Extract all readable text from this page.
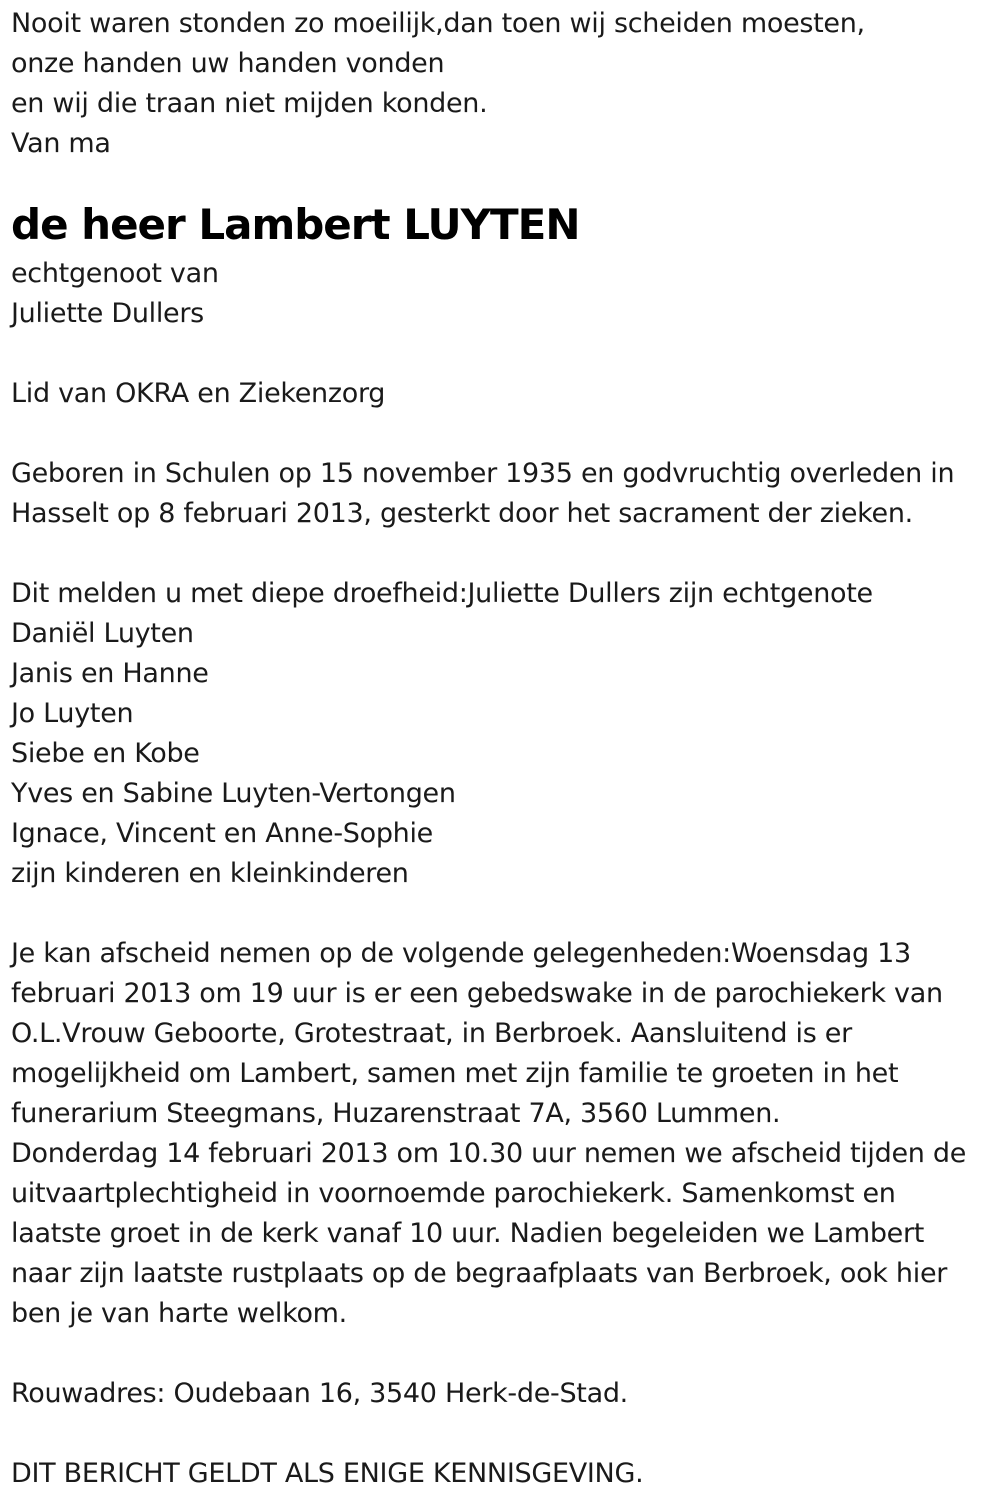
Nooit waren stonden zo moeilijk,dan toen wij scheiden moesten,
onze handen uw handen vonden
en wij die traan niet mijden konden.
Van ma
de heer Lambert LUYTEN
echtgenoot van
Juliette Dullers
Lid van OKRA en Ziekenzorg
Geboren in Schulen op 15 november 1935 en godvruchtig overleden in
Hasselt op 8 februari 2013, gesterkt door het sacrament der zieken.
Dit melden u met diepe droefheid:Juliette Dullers zijn echtgenote
Daniël Luyten
Janis en Hanne
Jo Luyten
Siebe en Kobe
Yves en Sabine Luyten-Vertongen
Ignace, Vincent en Anne-Sophie
zijn kinderen en kleinkinderen
Je kan afscheid nemen op de volgende gelegenheden:Woensdag 13
februari 2013 om 19 uur is er een gebedswake in de parochiekerk van
O.L.Vrouw Geboorte, Grotestraat, in Berbroek. Aansluitend is er
mogelijkheid om Lambert, samen met zijn familie te groeten in het
funerarium Steegmans, Huzarenstraat 7A, 3560 Lummen.
Donderdag 14 februari 2013 om 10.30 uur nemen we afscheid tijden de
uitvaartplechtigheid in voornoemde parochiekerk. Samenkomst en
laatste groet in de kerk vanaf 10 uur. Nadien begeleiden we Lambert
naar zijn laatste rustplaats op de begraafplaats van Berbroek, ook hier
ben je van harte welkom.
Rouwadres: Oudebaan 16, 3540 Herk-de-Stad.
DIT BERICHT GELDT ALS ENIGE KENNISGEVING.
